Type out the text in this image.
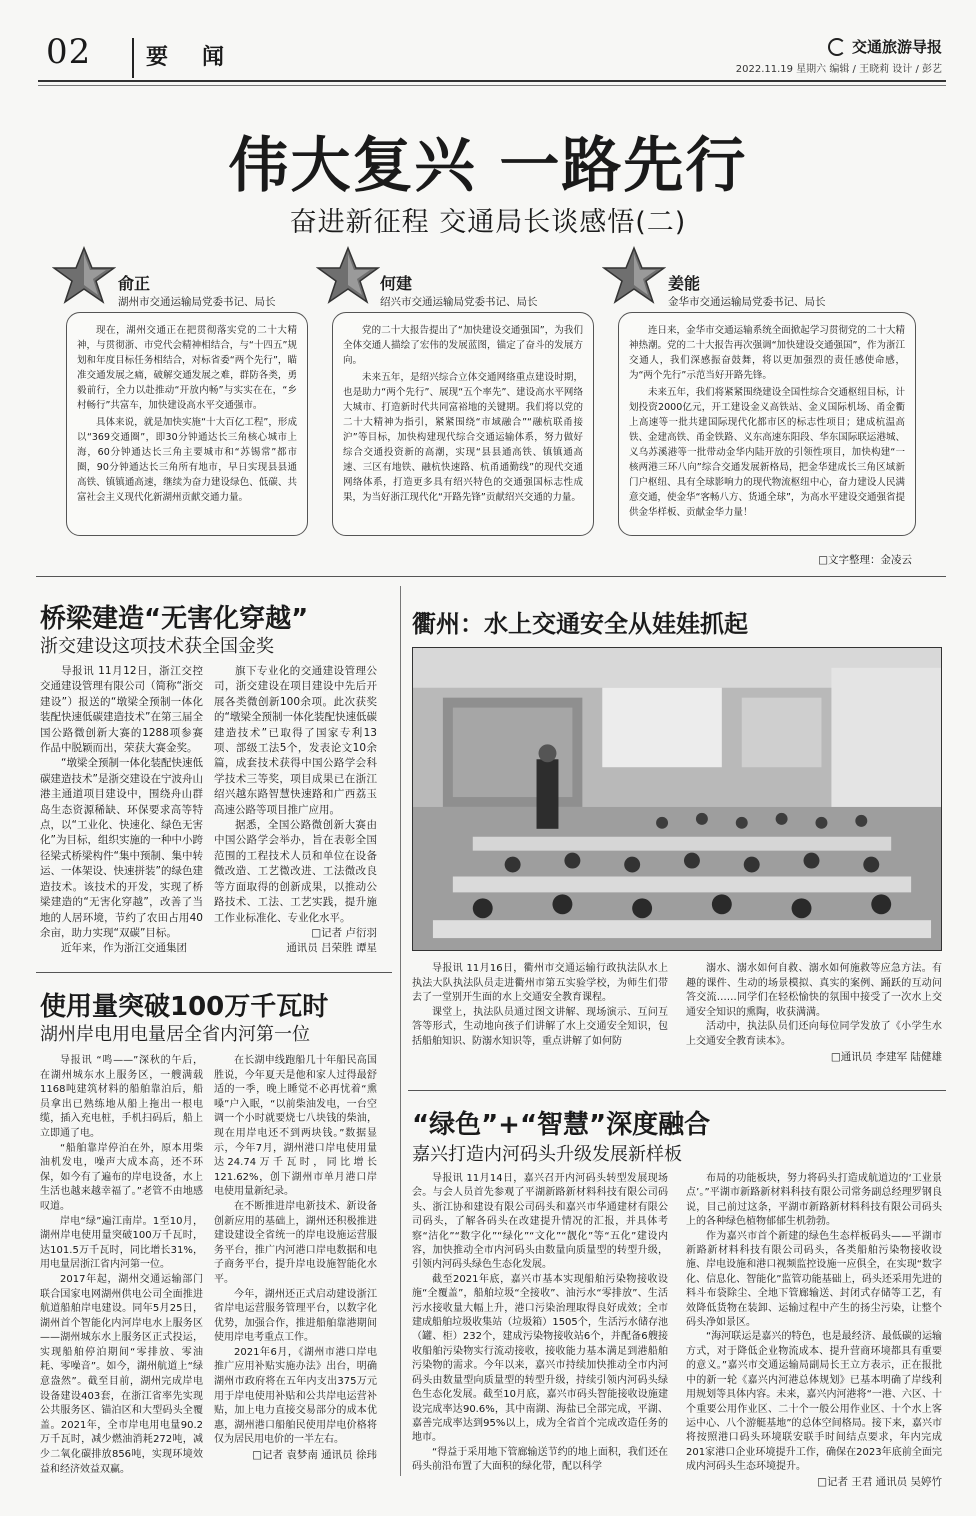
02 要闻	交通旅游导报
2022.11.19 星期六 编辑 / 王晓莉 设计 / 彭艺
伟大复兴 一路先行
奋进新征程 交通局长谈感悟(二)
俞正
湖州市交通运输局党委书记、局长

现在，湖州交通正在把贯彻落实党的二十大精神，与贯彻浙、市党代会精神相结合，与“十四五”规划和年度目标任务相结合，对标省委“两个先行”，瞄准交通发展之痛，破解交通发展之难，群防各类，勇毅前行，全力以赴推动“开放内畅”与实实在在，“乡村畅行”共富车，加快建设高水平交通强市。

具体来说，就是加快实施“十大百亿工程”，形成以“369交通圈”，即30分钟通达长三角核心城市上海，60分钟通达长三角主要城市和“苏锡常”都市圈，90分钟通达长三角所有地市，早日实现县县通高铁、镇镇通高速，继续为奋力建设绿色、低碳、共富社会主义现代化新湖州贡献交通力量。

何建
绍兴市交通运输局党委书记、局长

党的二十大报告提出了“加快建设交通强国”，为我们全体交通人描绘了宏伟的发展蓝图，锚定了奋斗的发展方向。

未来五年，是绍兴综合立体交通网络重点建设时期，也是助力“两个先行”、展现“五个率先”、建设高水平网络大城市、打造新时代共同富裕地的关键期。我们将以党的二十大精神为指引，紧紧围绕“市域融合”“融杭联甬接沪”等目标，加快构建现代综合交通运输体系，努力做好综合交通投资新的高潮，实现“县县通高铁、镇镇通高速、三区有地铁、融杭快速路、杭甬通勤线”的现代交通网络体系，打造更多具有绍兴特色的交通强国标志性成果，为当好浙江现代化“开路先锋”贡献绍兴交通的力量。

姜能
金华市交通运输局党委书记、局长

连日来，金华市交通运输系统全面掀起学习贯彻党的二十大精神热潮。党的二十大报告再次强调“加快建设交通强国”，作为浙江交通人，我们深感振奋鼓舞，将以更加强烈的责任感使命感，为“两个先行”示范当好开路先锋。

未来五年，我们将紧紧围绕建设全国性综合交通枢纽目标，计划投资2000亿元，开工建设金义高铁站、金义国际机场、甬金衢上高速等一批共建国际现代化都市区的标志性项目；建成杭温高铁、金建高铁、甬金铁路、义东高速东阳段、华东国际联运港城、义乌苏溪港等一批带动金华内陆开放的引领性项目，加快构建“一核两港三环八向”综合交通发展新格局，把金华建成长三角区域新门户枢纽、具有全球影响力的现代物流枢纽中心，奋力建设人民满意交通，使金华“客畅八方、货通全球”，为高水平建设交通强省提供金华样板、贡献金华力量！

□文字整理：金凌云
桥梁建造“无害化穿越”
浙交建设这项技术获全国金奖

导报讯 11月12日，浙江交控交通建设管理有限公司（简称“浙交建设”）报送的“墩梁全预制一体化装配快速低碳建造技术”在第三届全国公路微创新大赛的1288项参赛作品中脱颖而出，荣获大赛金奖。

“墩梁全预制一体化装配快速低碳建造技术”是浙交建设在宁波舟山港主通道项目建设中，围绕舟山群岛生态资源稀缺、环保要求高等特点，以“工业化、快速化、绿色无害化”为目标，组织实施的一种中小跨径梁式桥梁构件“集中预制、集中转运、一体架设、快速拼装”的绿色建造技术。该技术的开发，实现了桥梁建造的“无害化穿越”，改善了当地的人居环境，节约了农田占用40余亩，助力实现“双碳”目标。

近年来，作为浙江交通集团

旗下专业化的交通建设管理公司，浙交建设在项目建设中先后开展各类微创新100余项。此次获奖的“墩梁全预制一体化装配快速低碳建造技术”已取得了国家专利13项、部级工法5个，发表论文10余篇，成套技术获得中国公路学会科学技术三等奖，项目成果已在浙江绍兴越东路智慧快速路和广西荔玉高速公路等项目推广应用。

据悉，全国公路微创新大赛由中国公路学会举办，旨在表彰全国范围的工程技术人员和单位在设备微改造、工艺微改进、工法微改良等方面取得的创新成果，以推动公路技术、工法、工艺实践，提升施工作业标准化、专业化水平。

□记者 卢衍羽
通讯员 吕荣胜 谭星
使用量突破100万千瓦时
湖州岸电用电量居全省内河第一位

导报讯 “鸣——”深秋的午后，在湖州城东水上服务区，一艘满载1168吨建筑材料的船舶靠泊后，船员拿出已熟练地从船上拖出一根电缆，插入充电桩，手机扫码后，船上立即通了电。

“船舶靠岸停泊在外，原本用柴油机发电，噪声大成本高，还不环保，如今有了遍布的岸电设备，水上生活也越来越幸福了。”老管不由地感叹道。

岸电“绿”遍江南岸。1至10月，湖州岸电使用量突破100万千瓦时，达101.5万千瓦时，同比增长31%，用电量居浙江省内河第一位。

2017年起，湖州交通运输部门联合国家电网湖州供电公司全面推进航道船舶岸电建设。同年5月25日，湖州首个智能化内河岸电水上服务区——湖州城东水上服务区正式投运，实现船舶停泊期间“零排放、零油耗、零噪音”。如今，湖州航道上“绿意盎然”。截至目前，湖州完成岸电设备建设403套，在浙江省率先实现公共服务区、锚泊区和大型码头全覆盖。2021年，全市岸电用电量90.2万千瓦时，减少燃油消耗272吨，减少二氧化碳排放856吨，实现环境效益和经济效益双赢。

在长湖申线跑船几十年船民高国胜说，今年夏天是他和家人过得最舒适的一季，晚上睡觉不必再忧着“熏嗓”户入眠，“以前柴油发电，一台空调一个小时就要烧七八块钱的柴油，现在用岸电还不到两块钱。”数据显示，今年7月，湖州港口岸电使用量达24.74万千瓦时，同比增长121.62%，创下湖州市单月港口岸电使用量新纪录。

在不断推进岸电新技术、新设备创新应用的基础上，湖州还积极推进建设建设全省统一的岸电设施运营服务平台，推广内河港口岸电数据和电子商务平台，提升岸电设施智能化水平。

今年，湖州还正式启动建设浙江省岸电运营服务管理平台，以数字化优势，加强合作，推进船舶靠港期间使用岸电考重点工作。

2021年6月，《湖州市港口岸电推广应用补贴实施办法》出台，明确湖州市政府将在五年内支出375万元用于岸电使用补贴和公共岸电运营补贴，加上电力直接交易部分的成本优惠，湖州港口船舶民使用岸电价格将仅为居民用电价的一半左右。

□记者 袁梦南 通讯员 徐玮
衢州：水上交通安全从娃娃抓起

导报讯 11月16日，衢州市交通运输行政执法队水上执法大队执法队员走进衢州市第五实验学校，为师生们带去了一堂别开生面的水上交通安全教育课程。

课堂上，执法队员通过图文讲解、现场演示、互问互答等形式，生动地向孩子们讲解了水上交通安全知识，包括船舶知识、防溺水知识等，重点讲解了如何防

溺水、溺水如何自救、溺水如何施救等应急方法。有趣的课件、生动的场景模拟、真实的案例、踊跃的互动问答交流……同学们在轻松愉快的氛围中接受了一次水上交通安全知识的熏陶，收获满满。

活动中，执法队员们还向每位同学发放了《小学生水上交通安全教育读本》。

□通讯员 李建军 陆健雄
“绿色”+“智慧”深度融合
嘉兴打造内河码头升级发展新样板

导报讯 11月14日，嘉兴召开内河码头转型发展现场会。与会人员首先参观了平湖新路新材料科技有限公司码头、浙江协和建设有限公司码头和嘉兴市华通建材有限公司码头，了解各码头在改建提升情况的汇报，并具体考察“洁化”“数字化”“绿化”“文化”“靓化”等“五化”建设内容，加快推动全市内河码头由数量向质量型的转型升级，引领内河码头绿色生态化发展。

截至2021年底，嘉兴市基本实现船舶污染物接收设施“全覆盖”，船舶垃圾“全接收”、油污水“零排放”、生活污水接收量大幅上升，港口污染治理取得良好成效；全市建成船舶垃圾收集站（垃圾箱）1505个，生活污水储存池（罐、柜）232个，建成污染物接收站6个，并配备6艘接收船舶污染物实行流动接收，接收能力基本满足到港船舶污染物的需求。今年以来，嘉兴市持续加快推动全市内河码头由数量型向质量型的转型升级，持续引领内河码头绿色生态化发展。截至10月底，嘉兴市码头智能接收设施建设完成率达90.6%，其中南湖、海盐已全部完成，平湖、嘉善完成率达到95%以上，成为全省首个完成改造任务的地市。

“得益于采用地下管廊输送节约的地上面积，我们还在码头前沿布置了大面积的绿化带，配以科学

布局的功能板块，努力将码头打造成航道边的‘工业景点’。”平湖市新路新材料科技有限公司常务副总经理罗钢良说，目己前过这条，平湖市新路新材料科技有限公司码头上的各种绿色植物郁郁生机勃勃。

作为嘉兴市首个新建的绿色生态样板码头——平湖市新路新材料科技有限公司码头，各类船舶污染物接收设施、岸电设施和港口视频监控设施一应俱全，在实现“数字化、信息化、智能化”监管功能基础上，码头还采用先进的料斗布袋除尘、全地下管廊输送、封闭式存储等工艺，有效降低货物在装卸、运输过程中产生的扬尘污染，让整个码头净如景区。

“海河联运是嘉兴的特色，也是最经济、最低碳的运输方式，对于降低企业物流成本、提升营商环境都具有重要的意义。”嘉兴市交通运输局副局长王立方表示，正在报批中的新一轮《嘉兴内河港总体规划》已基本明确了岸线利用规划等具体内容。未来，嘉兴内河港将“一港、六区、十个重要公用作业区、二十个一般公用作业区、十个水上客运中心、八个游艇基地”的总体空间格局。接下来，嘉兴市将按照港口码头环境联安联手时间结点要求，年内完成201家港口企业环境提升工作，确保在2023年底前全面完成内河码头生态环境提升。

□记者 王君 通讯员 吴婷竹
